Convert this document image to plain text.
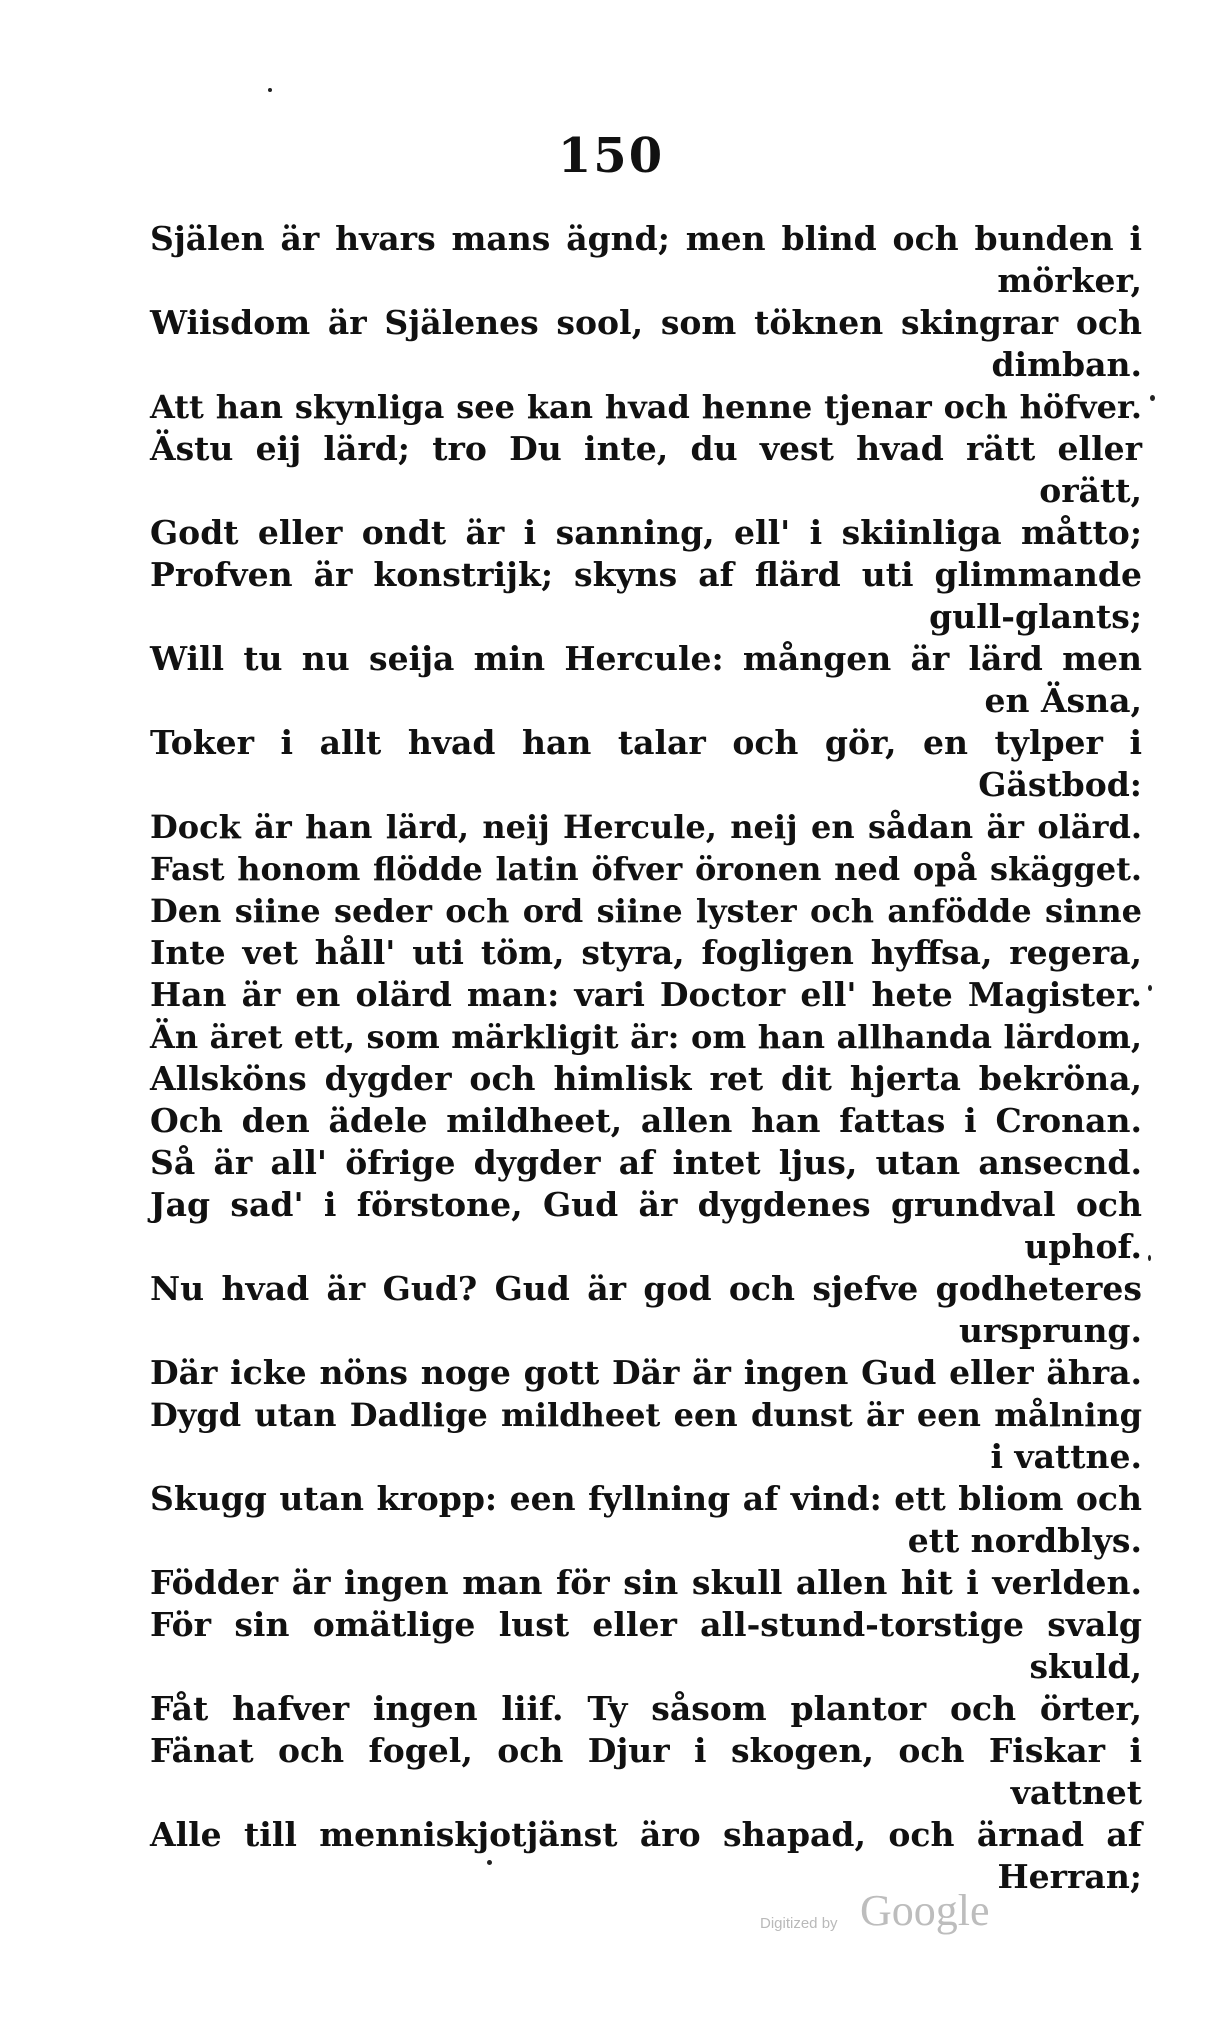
150
Själen är hvars mans ägnd; men blind och bunden i
mörker,
Wiisdom är Själenes sool, som töknen skingrar och
dimban.
Att han skynliga see kan hvad henne tjenar och höfver.
Ästu eij lärd; tro Du inte, du vest hvad rätt eller
orätt,
Godt eller ondt är i sanning, ell' i skiinliga måtto;
Profven är konstrijk; skyns af flärd uti glimmande
gull-glants;
Will tu nu seija min Hercule: mången är lärd men
en Äsna,
Toker i allt hvad han talar och gör, en tylper i
Gästbod:
Dock är han lärd, neij Hercule, neij en sådan är olärd.
Fast honom flödde latin öfver öronen ned opå skägget.
Den siine seder och ord siine lyster och anfödde sinne
Inte vet håll' uti töm, styra, fogligen hyffsa, regera,
Han är en olärd man: vari Doctor ell' hete Magister.
Än äret ett, som märkligit är: om han allhanda lärdom,
Allsköns dygder och himlisk ret dit hjerta bekröna,
Och den ädele mildheet, allen han fattas i Cronan.
Så är all' öfrige dygder af intet ljus, utan ansecnd.
Jag sad' i förstone, Gud är dygdenes grundval och
uphof.
Nu hvad är Gud? Gud är god och sjefve godheteres
ursprung.
Där icke nöns noge gott Där är ingen Gud eller ähra.
Dygd utan Dadlige mildheet een dunst är een målning
i vattne.
Skugg utan kropp: een fyllning af vind: ett bliom och
ett nordblys.
Födder är ingen man för sin skull allen hit i verlden.
För sin omätlige lust eller all-stund-torstige svalg
skuld,
Fåt hafver ingen liif. Ty såsom plantor och örter,
Fänat och fogel, och Djur i skogen, och Fiskar i
vattnet
Alle till menniskjotjänst äro shapad, och ärnad af
Herran;
Digitized by Google
